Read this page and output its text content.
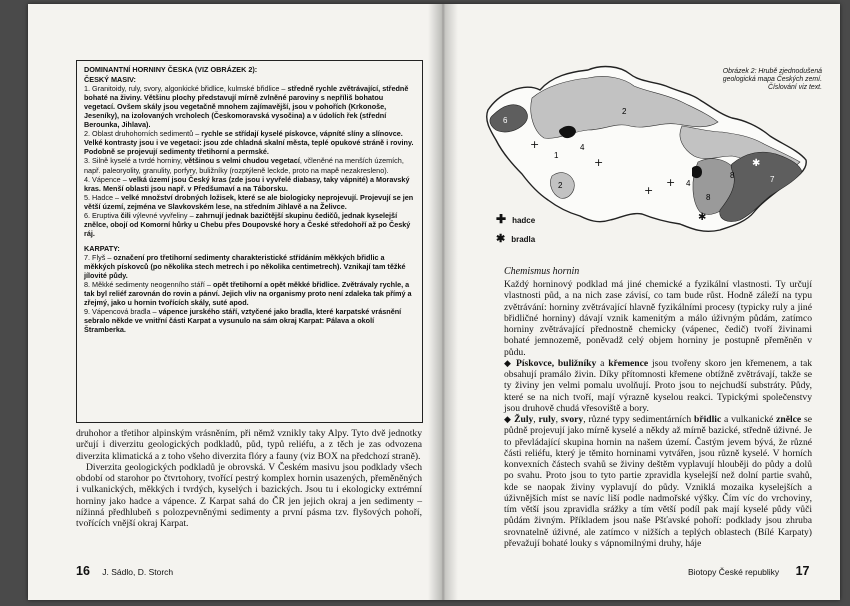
DOMINANTNÍ HORNINY ČESKA (VIZ OBRÁZEK 2):

ČESKÝ MASIV:

1. Granitoidy, ruly, svory, algonkické břidlice, kulmské břidlice – středně rychle zvětrávající, středně bohaté na živiny. Většinu plochy představují mírně zvlněné paroviny s nepříliš bohatou vegetací. Ovšem skály jsou vegetačně mnohem zajímavější, jsou v pohořích (Krkonoše, Jeseníky), na izolovaných vrcholech (Českomoravská vysočina) a v údolích řek (střední Berounka, Jihlava).

2. Oblast druhohorních sedimentů – rychle se střídají kyselé pískovce, vápníté slíny a slínovce. Velké kontrasty jsou i ve vegetaci: jsou zde chladná skalní města, teplé opukové stráně i roviny. Podobně se projevují sedimenty třetihorní a permské.

3. Silně kyselé a tvrdé horniny, většinou s velmi chudou vegetací, včleněné na menších územích, např. paleoryolity, granulity, porfyry, buližníky (rozptýleně leckde, proto na mapě nezakresleno).

4. Vápence – velká území jsou Český kras (zde jsou i vyvřelé diabasy, taky vápnité) a Moravský kras. Menší oblasti jsou např. v Předšumaví a na Táborsku.

5. Hadce – velké množství drobných ložisek, které se ale biologicky neprojevují. Projevují se jen větší území, zejména ve Slavkovském lese, na středním Jihlavě a na Želivce.

6. Eruptiva čili výlevné vyvřeliny – zahrnují jednak bazičtější skupinu čedičů, jednak kyselejší znělce, obojí od Komorní hůrky u Chebu přes Doupovské hory a České středohoří až po Český ráj.

KARPATY:

7. Flyš – označení pro třetihorní sedimenty charakteristické střídáním měkkých břidlic a měkkých pískovců (po několika stech metrech i po několika centimetrech). Vznikají tam těžké jílovité půdy.

8. Měkké sedimenty neogenního stáří – opět třetihorní a opět měkké břidlice. Zvětrávaly rychle, a tak byl reliéf zarovnán do rovin a pánví. Jejich vliv na organismy proto není zdaleka tak přímý a zřejmý, jako u hornin tvořících skály, suté apod.

9. Vápencová bradla – vápence jurského stáří, vztyčené jako bradla, které karpatské vrásnění sebralo někde ve vnitřní části Karpat a vysunulo na sám okraj Karpat: Pálava a okolí Štramberka.

druhohor a třetihor alpinským vrásněním, při němž vznikly taky Alpy. Tyto dvě jednotky určují i diverzitu geologických podkladů, půd, typů reliéfu, a z těch je zas odvozena diverzita klimatická a z toho všeho diverzita flóry a fauny (viz BOX na předchozí straně).

Diverzita geologických podkladů je obrovská. V Českém masivu jsou podklady všech období od starohor po čtvrtohory, tvořící pestrý komplex hornin usazených, přeměněných i vulkanických, měkkých i tvrdých, kyselých i bazických. Jsou tu i ekologicky extrémní horniny jako hadce a vápence. Z Karpat sahá do ČR jen jejich okraj a jen sedimenty – nížinná předhlubeň s polozpevněnými sedimenty a první pásma tzv. flyšových pohoří, tvořících vnější okraj Karpat.

16 J. Sádlo, D. Storch
+
+
+
+
✱
✱
6
2
4
1
2	4
8
8
7
Obrázek 2: Hrubě zjednodušená geologická mapa Českých zemí. Číslování viz text.
✚ hadce
✱ bradla
Chemismus hornin

Každý horninový podklad má jiné chemické a fyzikální vlastnosti. Ty určují vlastnosti půd, a na nich zase závisí, co tam bude růst. Hodně záleží na typu zvětrávání: horniny zvětrávající hlavně fyzikálními procesy (typicky ruly a jiné břidličné horniny) dávají vznik kamenitým a málo úživným půdám, zatímco horniny zvětrávající přednostně chemicky (vápenec, čedič) tvoří živinami bohaté jemnozemě, poněvadž celý objem horniny je postupně přeměněn v půdu.

◆ Pískovce, buližníky a křemence jsou tvořeny skoro jen křemenem, a tak obsahují pramálo živin. Díky přítomnosti křemene obtížně zvětrávají, takže se ty živiny jen velmi pomalu uvolňují. Proto jsou to nejchudší substráty. Půdy, které se na nich tvoří, mají výrazně kyselou reakci. Typickými společenstvy jsou druhově chudá vřesoviště a bory.

◆ Žuly, ruly, svory, různé typy sedimentárních břidlic a vulkanické znělce se půdně projevují jako mírně kyselé a někdy až mírně bazické, středně úživné. Je to převládající skupina hornin na našem území. Častým jevem bývá, že různé části reliéfu, který je těmito horninami vytvářen, jsou různě kyselé. V horních konvexních částech svahů se živiny deštěm vyplavují hlouběji do půdy a dolů po svahu. Proto jsou to tyto partie zpravidla kyselejší než dolní partie svahů, kde se naopak živiny vyplavují do půdy. Vzniklá mozaika kyselejších a úživnějších míst se navíc liší podle nadmořské výšky. Čím víc do vrchoviny, tím větší jsou zpravidla srážky a tím větší podíl pak mají kyselé půdy vůči půdám živným. Příkladem jsou naše Pšťavské pohoří: podklady jsou zhruba srovnatelně úživné, ale zatímco v nižších a teplých oblastech (Bílé Karpaty) převažují bohaté louky s vápnomilnými druhy, háje

Biotopy České republiky 17
